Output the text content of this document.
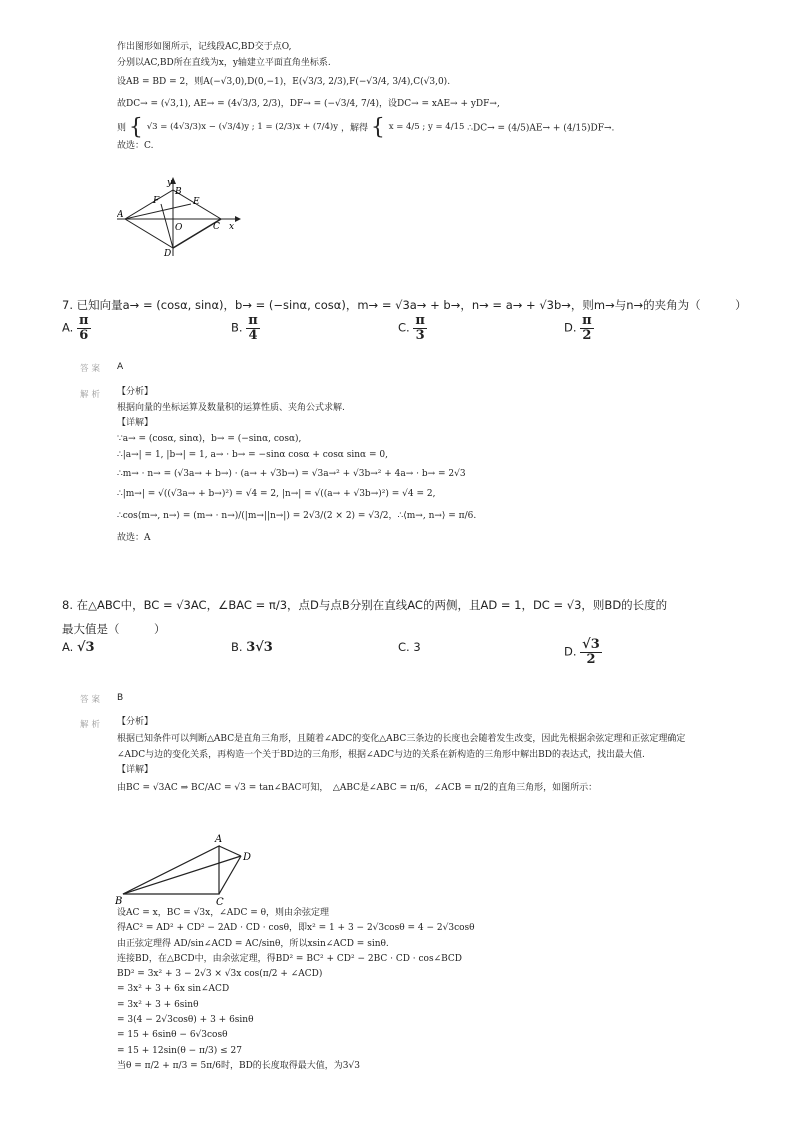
作出图形如图所示，记线段AC,BD交于点O,
分别以AC,BD所在直线为x，y轴建立平面直角坐标系.
设AB = BD = 2，则A(−√3,0),D(0,−1)，E(√3/3, 2/3),F(−√3/4, 3/4),C(√3,0).
故DC→ = (√3,1), AE→ = (4√3/3, 2/3)，DF→ = (−√3/4, 7/4)，设DC→ = xAE→ + yDF→,
则 { √3 = (4√3/3)x − (√3/4)y ; 1 = (2/3)x + (7/4)y ，解得 { x = 4/5 ; y = 4/15 ∴DC→ = (4/5)AE→ + (4/15)DF→.
故选：C.
y
B
E
F
A
O	C x
D
7. 已知向量a→ = (cosα, sinα)，b→ = (−sinα, cosα)，m→ = √3a→ + b→，n→ = a→ + √3b→，则m→与n→的夹角为（　　　）
A. $\frac{\pi}{6}$	B. $\frac{\pi}{4}$	C. $\frac{\pi}{3}$	D. $\frac{\pi}{2}$
答案 A
解析 【分析】
根据向量的坐标运算及数量积的运算性质、夹角公式求解.
【详解】
∵a→ = (cosα, sinα)，b→ = (−sinα, cosα),
∴|a→| = 1, |b→| = 1, a→ · b→ = −sinα cosα + cosα sinα = 0,
∴m→ · n→ = (√3a→ + b→) · (a→ + √3b→) = √3a→² + √3b→² + 4a→ · b→ = 2√3
∴|m→| = √((√3a→ + b→)²) = √4 = 2, |n→| = √((a→ + √3b→)²) = √4 = 2,
∴cos⟨m→, n→⟩ = (m→ · n→)/(|m→||n→|) = 2√3/(2 × 2) = √3/2，∴⟨m→, n→⟩ = π/6.
故选：A
8. 在△ABC中，BC = √3AC，∠BAC = π/3，点D与点B分别在直线AC的两侧，且AD = 1，DC = √3，则BD的长度的
最大值是（　　　）
A. √3	B. 3√3	C. 3	D. $\frac{√3}{2}$
答案 B
解析 【分析】
根据已知条件可以判断△ABC是直角三角形，且随着∠ADC的变化△ABC三条边的长度也会随着发生改变，因此先根据余弦定理和正弦定理确定∠ADC与边的变化关系，再构造一个关于BD边的三角形，根据∠ADC与边的关系在新构造的三角形中解出BD的表达式，找出最大值.
【详解】
由BC = √3AC ⇒ BC/AC = √3 = tan∠BAC可知，　△ABC是∠ABC = π/6，∠ACB = π/2的直角三角形，如图所示：
A
D
B	C
设AC = x，BC = √3x，∠ADC = θ，则由余弦定理
得AC² = AD² + CD² − 2AD · CD · cosθ，即x² = 1 + 3 − 2√3cosθ = 4 − 2√3cosθ
由正弦定理得 AD/sin∠ACD = AC/sinθ，所以xsin∠ACD = sinθ.
连接BD，在△BCD中，由余弦定理，得BD² = BC² + CD² − 2BC · CD · cos∠BCD
BD² = 3x² + 3 − 2√3 × √3x cos(π/2 + ∠ACD)
= 3x² + 3 + 6x sin∠ACD
= 3x² + 3 + 6sinθ
= 3(4 − 2√3cosθ) + 3 + 6sinθ
= 15 + 6sinθ − 6√3cosθ
= 15 + 12sin(θ − π/3) ≤ 27
当θ = π/2 + π/3 = 5π/6时，BD的长度取得最大值，为3√3
